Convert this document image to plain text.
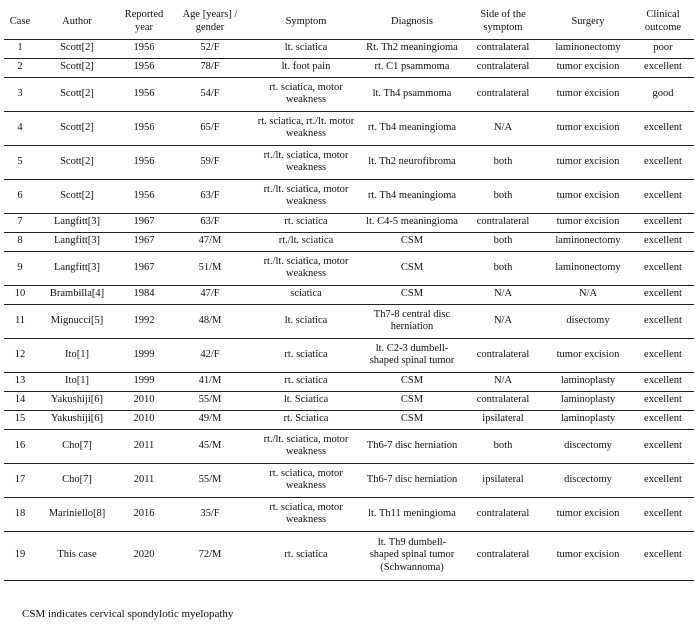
Case	Author	Reported year	Age [years] / gender	Symptom	Diagnosis	Side of the symptom	Surgery	Clinical outcome
1	Scott[2]	1956	52/F	lt. sciatica	Rt. Th2 meaningioma	contralateral	laminonectomy	poor
2	Scott[2]	1956	78/F	lt. foot pain	rt. C1 psammoma	contralateral	tumor excision	excellent
3	Scott[2]	1956	54/F	rt. sciatica, motor weakness	lt. Th4 psammoma	contralateral	tumor excision	good
4	Scott[2]	1956	65/F	rt. sciatica, rt./lt. motor weakness	rt. Th4 meaningioma	N/A	tumor excision	excellent
5	Scott[2]	1956	59/F	rt./lt. sciatica, motor weakness	lt. Th2 neurofibroma	both	tumor excision	excellent
6	Scott[2]	1956	63/F	rt./lt. sciatica, motor weakness	rt. Th4 meaningioma	both	tumor excision	excellent
7	Langfitt[3]	1967	63/F	rt. sciatica	lt. C4-5 meaningioma	contralateral	tumor excision	excellent
8	Langfitt[3]	1967	47/M	rt./lt. sciatica	CSM	both	laminonectomy	excellent
9	Langfitt[3]	1967	51/M	rt./lt. sciatica, motor weakness	CSM	both	laminonectomy	excellent
10	Brambilla[4]	1984	47/F	sciatica	CSM	N/A	N/A	excellent
11	Mignucci[5]	1992	48/M	lt. sciatica	Th7-8 central disc herniation	N/A	disectomy	excellent
12	Ito[1]	1999	42/F	rt. sciatica	lt. C2-3 dumbell-shaped spinal tumor	contralateral	tumor excision	excellent
13	Ito[1]	1999	41/M	rt. sciatica	CSM	N/A	laminoplasty	excellent
14	Yakushiji[6]	2010	55/M	lt. Sciatica	CSM	contralateral	laminoplasty	excellent
15	Yakushiji[6]	2010	49/M	rt. Sciatica	CSM	ipsilateral	laminoplasty	excellent
16	Cho[7]	2011	45/M	rt./lt. sciatica, motor weakness	Th6-7 disc herniation	both	discectomy	excellent
17	Cho[7]	2011	55/M	rt. sciatica, motor weakness	Th6-7 disc herniation	ipsilateral	discectomy	excellent
18	Mariniello[8]	2016	35/F	rt. sciatica, motor weakness	lt. Th11 meningioma	contralateral	tumor excision	excellent
19	This case	2020	72/M	rt. sciatica	lt. Th9 dumbell-shaped spinal tumor (Schwannoma)	contralateral	tumor excision	excellent
CSM indicates cervical spondylotic myelopathy
